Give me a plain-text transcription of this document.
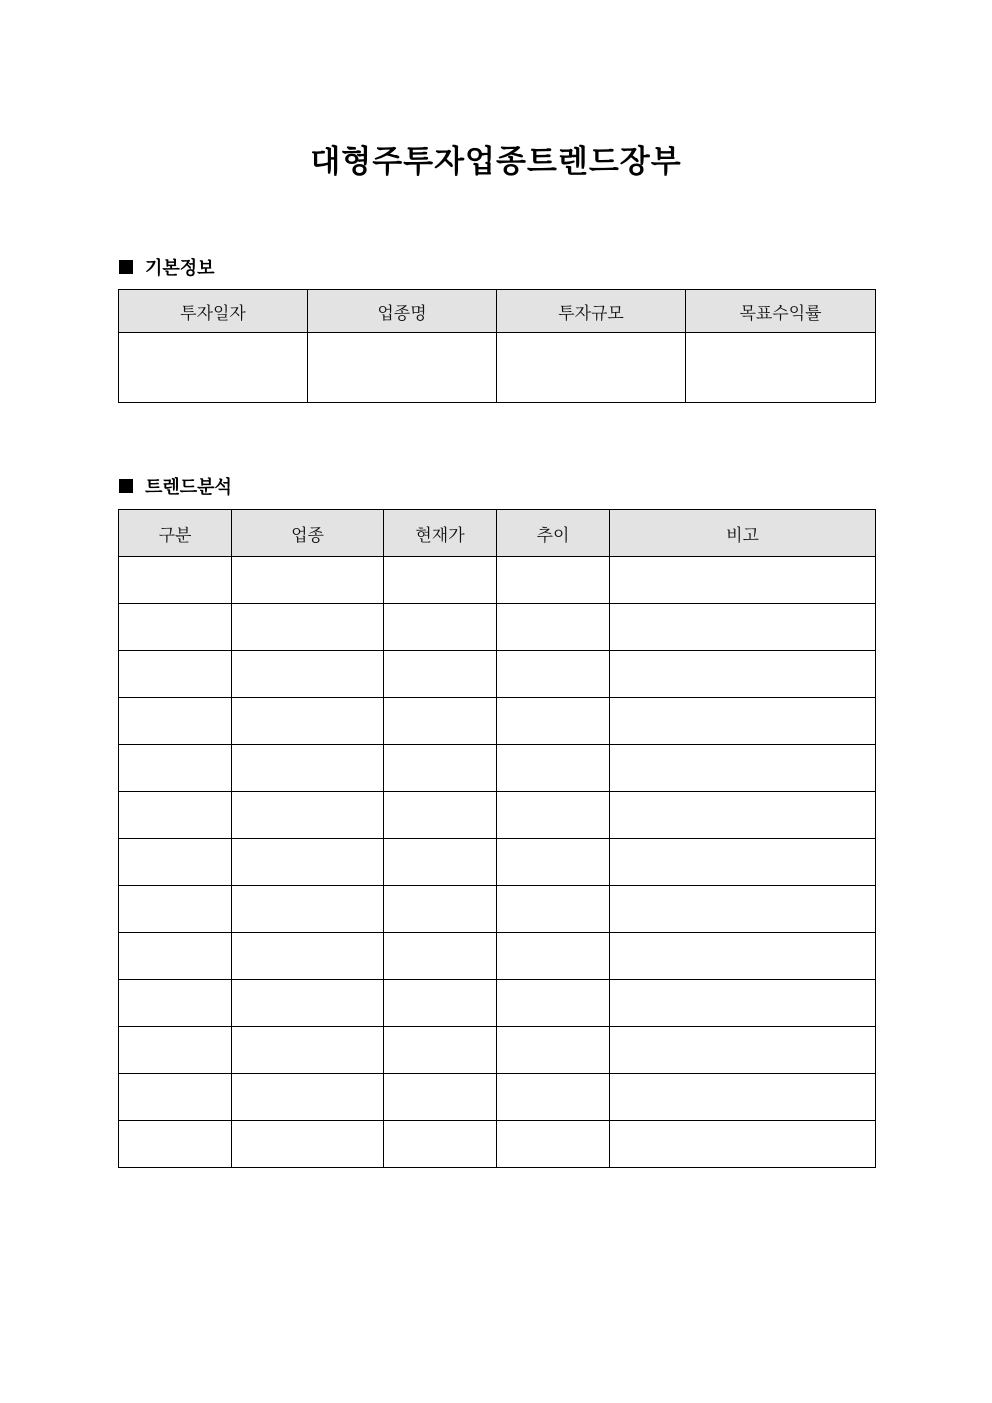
대형주투자업종트렌드장부
기본정보
투자일자	업종명	투자규모	목표수익률

트렌드분석
구분	업종	현재가	추이	비고
